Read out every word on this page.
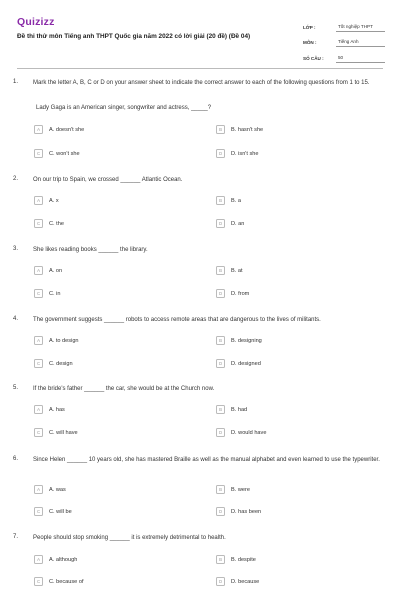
Quizizz
Đề thi thử môn Tiếng anh THPT Quốc gia năm 2022 có lời giải (20 đề) (Đề 04)
LỚP :	Tốt nghiệp THPT
MÔN :	Tiếng Anh
SỐ CÂU :	50
1. Mark the letter A, B, C or D on your answer sheet to indicate the correct answer to each of the following questions from 1 to 15.
Lady Gaga is an American singer, songwriter and actress, _____?
A	A. doesn't she	B	B. hasn't she
C	C. won't she	D	D. isn't she
2. On our trip to Spain, we crossed ______ Atlantic Ocean.
A	A. x	B	B. a
C	C. the	D	D. an
3. She likes reading books ______ the library.
A	A. on	B	B. at
C	C. in	D	D. from
4. The government suggests ______ robots to access remote areas that are dangerous to the lives of militants.
A	A. to design	B	B. designing
C	C. design	D	D. designed
5. If the bride's father ______ the car, she would be at the Church now.
A	A. has	B	B. had
C	C. will have	D	D. would have
6. Since Helen ______ 10 years old, she has mastered Braille as well as the manual alphabet and even learned to use the typewriter.
A	A. was	B	B. were
C	C. will be	D	D. has been
7. People should stop smoking ______ it is extremely detrimental to health.
A	A. although	B	B. despite
C	C. because of	D	D. because
